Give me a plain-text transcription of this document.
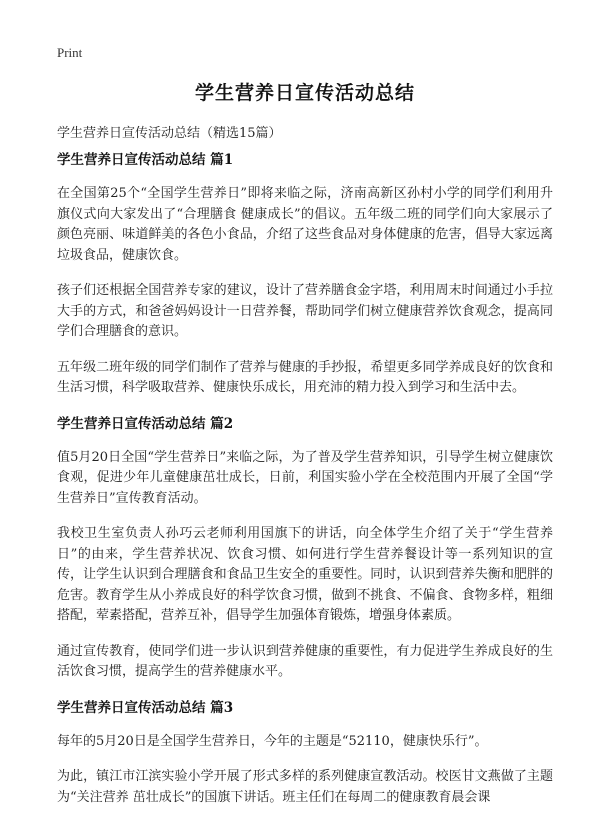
Print
学生营养日宣传活动总结
学生营养日宣传活动总结（精选15篇）
学生营养日宣传活动总结 篇1

在全国第25个“全国学生营养日”即将来临之际，济南高新区孙村小学的同学们利用升旗仪式向大家发出了“合理膳食 健康成长”的倡议。五年级二班的同学们向大家展示了颜色亮丽、味道鲜美的各色小食品，介绍了这些食品对身体健康的危害，倡导大家远离垃圾食品，健康饮食。

孩子们还根据全国营养专家的建议，设计了营养膳食金字塔，利用周末时间通过小手拉大手的方式，和爸爸妈妈设计一日营养餐，帮助同学们树立健康营养饮食观念，提高同学们合理膳食的意识。

五年级二班年级的同学们制作了营养与健康的手抄报，希望更多同学养成良好的饮食和生活习惯，科学吸取营养、健康快乐成长，用充沛的精力投入到学习和生活中去。

学生营养日宣传活动总结 篇2

值5月20日全国“学生营养日”来临之际，为了普及学生营养知识，引导学生树立健康饮食观，促进少年儿童健康茁壮成长，日前，利国实验小学在全校范围内开展了全国“学生营养日”宣传教育活动。

我校卫生室负责人孙巧云老师利用国旗下的讲话，向全体学生介绍了关于“学生营养日”的由来，学生营养状况、饮食习惯、如何进行学生营养餐设计等一系列知识的宣传，让学生认识到合理膳食和食品卫生安全的重要性。同时，认识到营养失衡和肥胖的危害。教育学生从小养成良好的科学饮食习惯，做到不挑食、不偏食、食物多样，粗细搭配，荤素搭配，营养互补，倡导学生加强体育锻炼，增强身体素质。

通过宣传教育，使同学们进一步认识到营养健康的重要性，有力促进学生养成良好的生活饮食习惯，提高学生的营养健康水平。

学生营养日宣传活动总结 篇3

每年的5月20日是全国学生营养日，今年的主题是“52110，健康快乐行”。

为此，镇江市江滨实验小学开展了形式多样的系列健康宣教活动。校医甘文燕做了主题为“关注营养 茁壮成长”的国旗下讲话。班主任们在每周二的健康教育晨会课
